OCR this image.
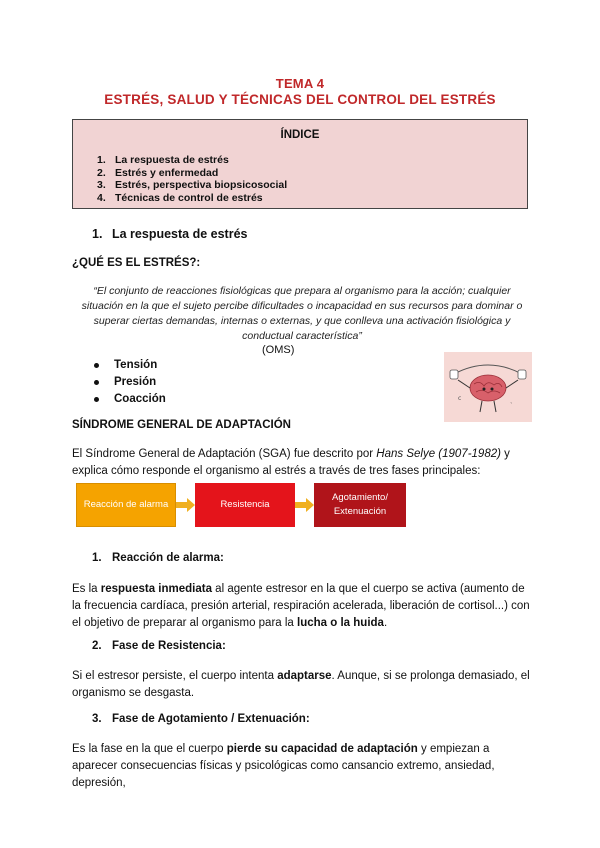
TEMA 4
ESTRÉS, SALUD Y TÉCNICAS DEL CONTROL DEL ESTRÉS
ÍNDICE
1. La respuesta de estrés
2. Estrés y enfermedad
3. Estrés, perspectiva biopsicosocial
4. Técnicas de control de estrés
1. La respuesta de estrés
¿QUÉ ES EL ESTRÉS?:
“El conjunto de reacciones fisiológicas que prepara al organismo para la acción; cualquier situación en la que el sujeto percibe dificultades o incapacidad en sus recursos para dominar o superar ciertas demandas, internas o externas, y que conlleva una activación fisiológica y conductual característica”
(OMS)
Tensión
Presión
Coacción	ⅽ	ˎ
SÍNDROME GENERAL DE ADAPTACIÓN
El Síndrome General de Adaptación (SGA) fue descrito por Hans Selye (1907-1982) y explica cómo responde el organismo al estrés a través de tres fases principales:
Reacción de alarma	Resistencia
Agotamiento/ Extenuación
1. Reacción de alarma:
Es la respuesta inmediata al agente estresor en la que el cuerpo se activa (aumento de la frecuencia cardíaca, presión arterial, respiración acelerada, liberación de cortisol...) con el objetivo de preparar al organismo para la lucha o la huida.
2. Fase de Resistencia:
Si el estresor persiste, el cuerpo intenta adaptarse. Aunque, si se prolonga demasiado, el organismo se desgasta.
3. Fase de Agotamiento / Extenuación:
Es la fase en la que el cuerpo pierde su capacidad de adaptación y empiezan a aparecer consecuencias físicas y psicológicas como cansancio extremo, ansiedad, depresión,
